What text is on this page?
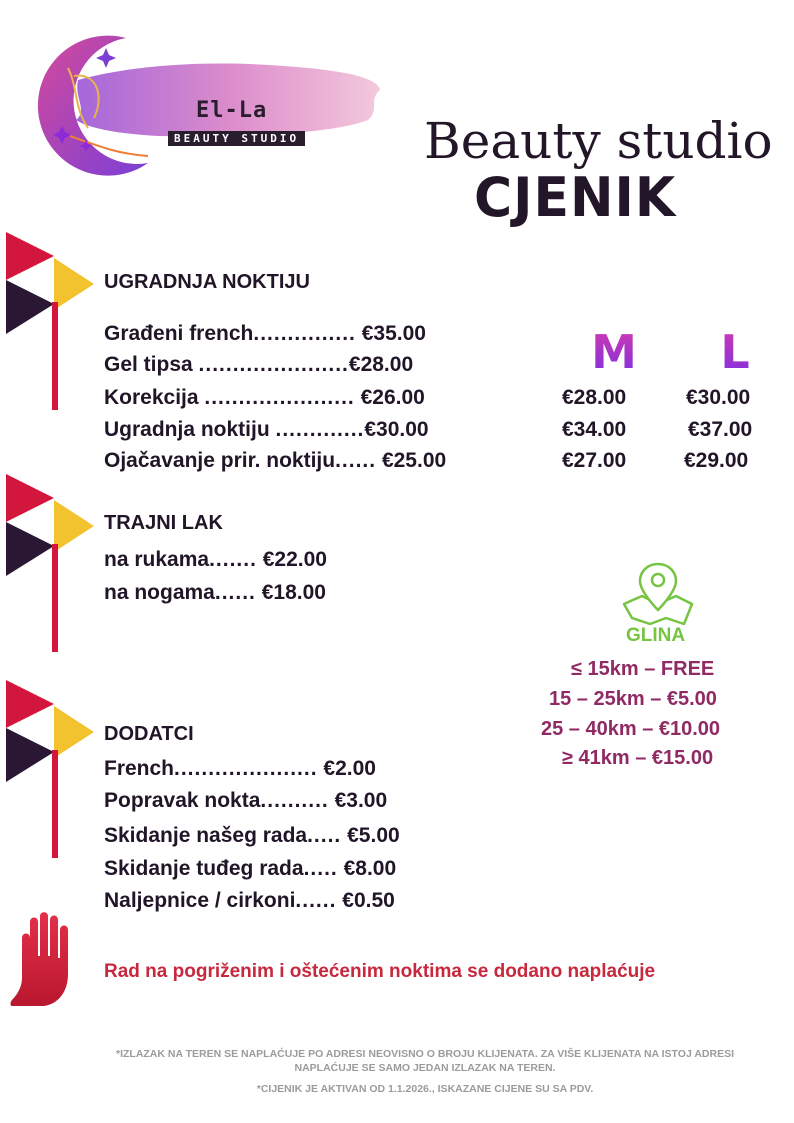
El-La
BEAUTY STUDIO Beauty studio
CJENIK
UGRADNJA NOKTIJU
Građeni french............... €35.00
Gel tipsa ......................€28.00
Korekcija ...................... €26.00
Ugradnja noktiju .............€30.00
Ojačavanje prir. noktiju...... €25.00
M L
€28.00
€34.00
€27.00
€30.00
€37.00
€29.00
TRAJNI LAK
na rukama....... €22.00
na nogama...... €18.00
GLINA
≤ 15km – FREE
15 – 25km – €5.00
25 – 40km – €10.00
≥ 41km – €15.00
DODATCI
French..................... €2.00
Popravak nokta.......... €3.00
Skidanje našeg rada..... €5.00
Skidanje tuđeg rada..... €8.00
Naljepnice / cirkoni...... €0.50
Rad na pogriženim i oštećenim noktima se dodano naplaćuje
*IZLAZAK NA TEREN SE NAPLAĆUJE PO ADRESI NEOVISNO O BROJU KLIJENATA. ZA VIŠE KLIJENATA NA ISTOJ ADRESI
NAPLAĆUJE SE SAMO JEDAN IZLAZAK NA TEREN.
*CIJENIK JE AKTIVAN OD 1.1.2026., ISKAZANE CIJENE SU SA PDV.
